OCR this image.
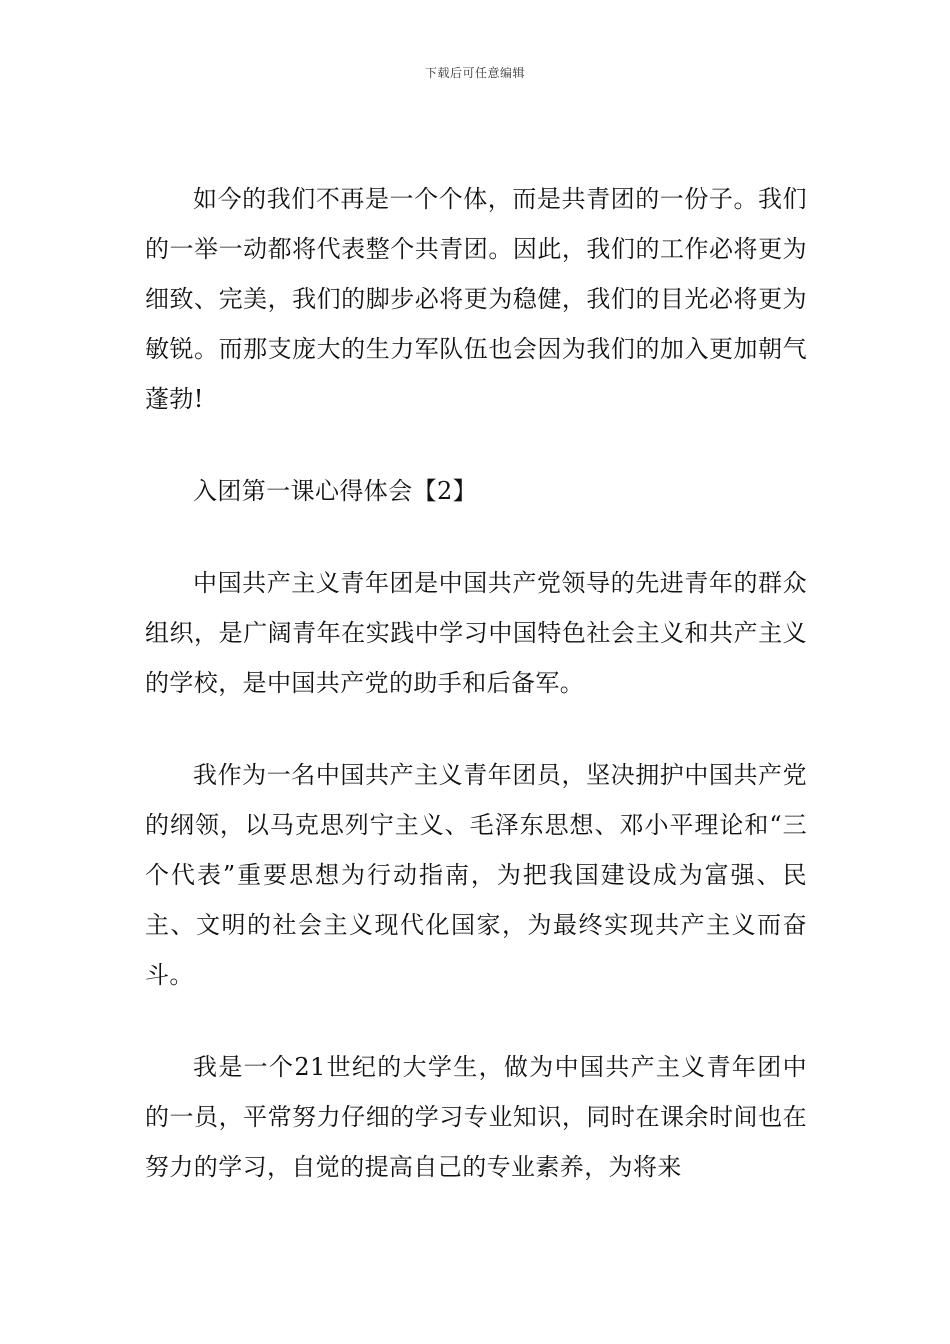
下载后可任意编辑

如今的我们不再是一个个体，而是共青团的一份子。我们的一举一动都将代表整个共青团。因此，我们的工作必将更为细致、完美，我们的脚步必将更为稳健，我们的目光必将更为敏锐。而那支庞大的生力军队伍也会因为我们的加入更加朝气蓬勃!

入团第一课心得体会【2】

中国共产主义青年团是中国共产党领导的先进青年的群众组织，是广阔青年在实践中学习中国特色社会主义和共产主义的学校，是中国共产党的助手和后备军。

我作为一名中国共产主义青年团员，坚决拥护中国共产党的纲领，以马克思列宁主义、毛泽东思想、邓小平理论和“三个代表”重要思想为行动指南，为把我国建设成为富强、民主、文明的社会主义现代化国家，为最终实现共产主义而奋斗。

我是一个21世纪的大学生，做为中国共产主义青年团中的一员，平常努力仔细的学习专业知识，同时在课余时间也在努力的学习，自觉的提高自己的专业素养，为将来
